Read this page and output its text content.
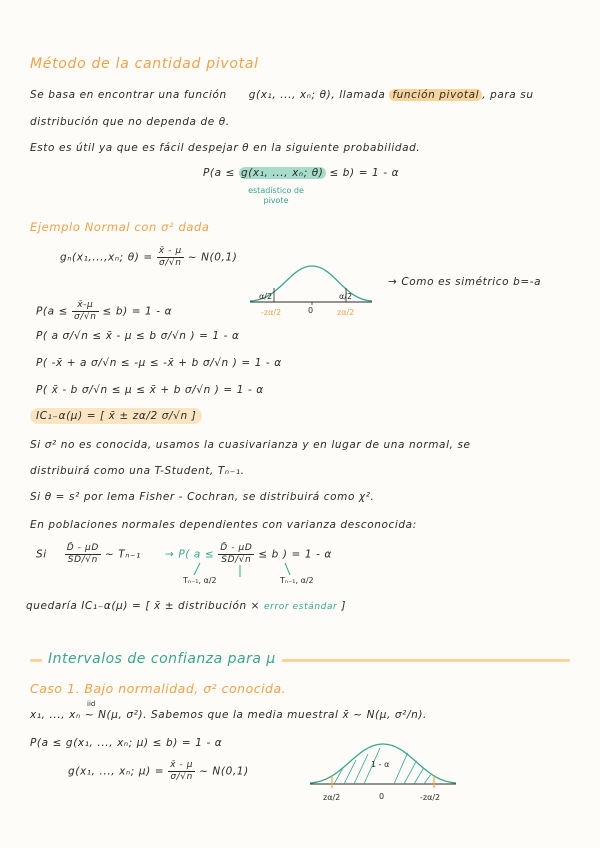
Método de la cantidad pivotal
Se basa en encontrar una función g(x₁, ..., xₙ; θ), llamada función pivotal , para su
distribución que no dependa de θ.
Esto es útil ya que es fácil despejar θ en la siguiente probabilidad.
P(a ≤ g(x₁, ..., xₙ; θ) ≤ b) = 1 - α
estadístico de
pivote
Ejemplo Normal con σ² dada
gₙ(x₁,...,xₙ; $\theta) = \frac{x̄ - \mu}{\sigma/√n}$ ~ N(0,1)
α/2	α/2
-zα/2	0	zα/2
→ Como es simétrico b=-a
$P(a \le \frac{x̄-\mu}{\sigma/√n} \le b) = 1 - \alpha$
P( a σ/√n ≤ x̄ - μ ≤ b σ/√n ) = 1 - α
P( -x̄ + a σ/√n ≤ -μ ≤ -x̄ + b σ/√n ) = 1 - α
P( x̄ - b σ/√n ≤ μ ≤ x̄ + b σ/√n ) = 1 - α
IC₁₋α(μ) = [ x̄ ± zα/2 σ/√n ]
Si σ² no es conocida, usamos la cuasivarianza y en lugar de una normal, se
distribuirá como una T-Student, Tₙ₋₁.
Si θ = s² por lema Fisher - Cochran, se distribuirá como χ².
En poblaciones normales dependientes con varianza desconocida:
Si $\frac{D̄ - \mu D}{SD/√n}$ ~ Tₙ₋₁ → P( $a \le \frac{D̄ - \mu D}{SD/√n} \le b$ ) = 1 - α
Tₙ₋₁, α/2	Tₙ₋₁, α/2
quedaría IC₁₋α(μ) = [ x̄ ± distribución × error estándar ]
Intervalos de confianza para μ
Caso 1. Bajo normalidad, σ² conocida.
iid
x₁, ..., xₙ ~ N(μ, σ²). Sabemos que la media muestral x̄ ~ N(μ, σ²/n).
P(a ≤ g(x₁, ..., xₙ; μ) ≤ b) = 1 - α
g(x₁, ..., xₙ; $\mu) = \frac{x̄ - \mu}{\sigma/√n}$ ~ N(0,1)
1 - α
zα/2	0	-zα/2
